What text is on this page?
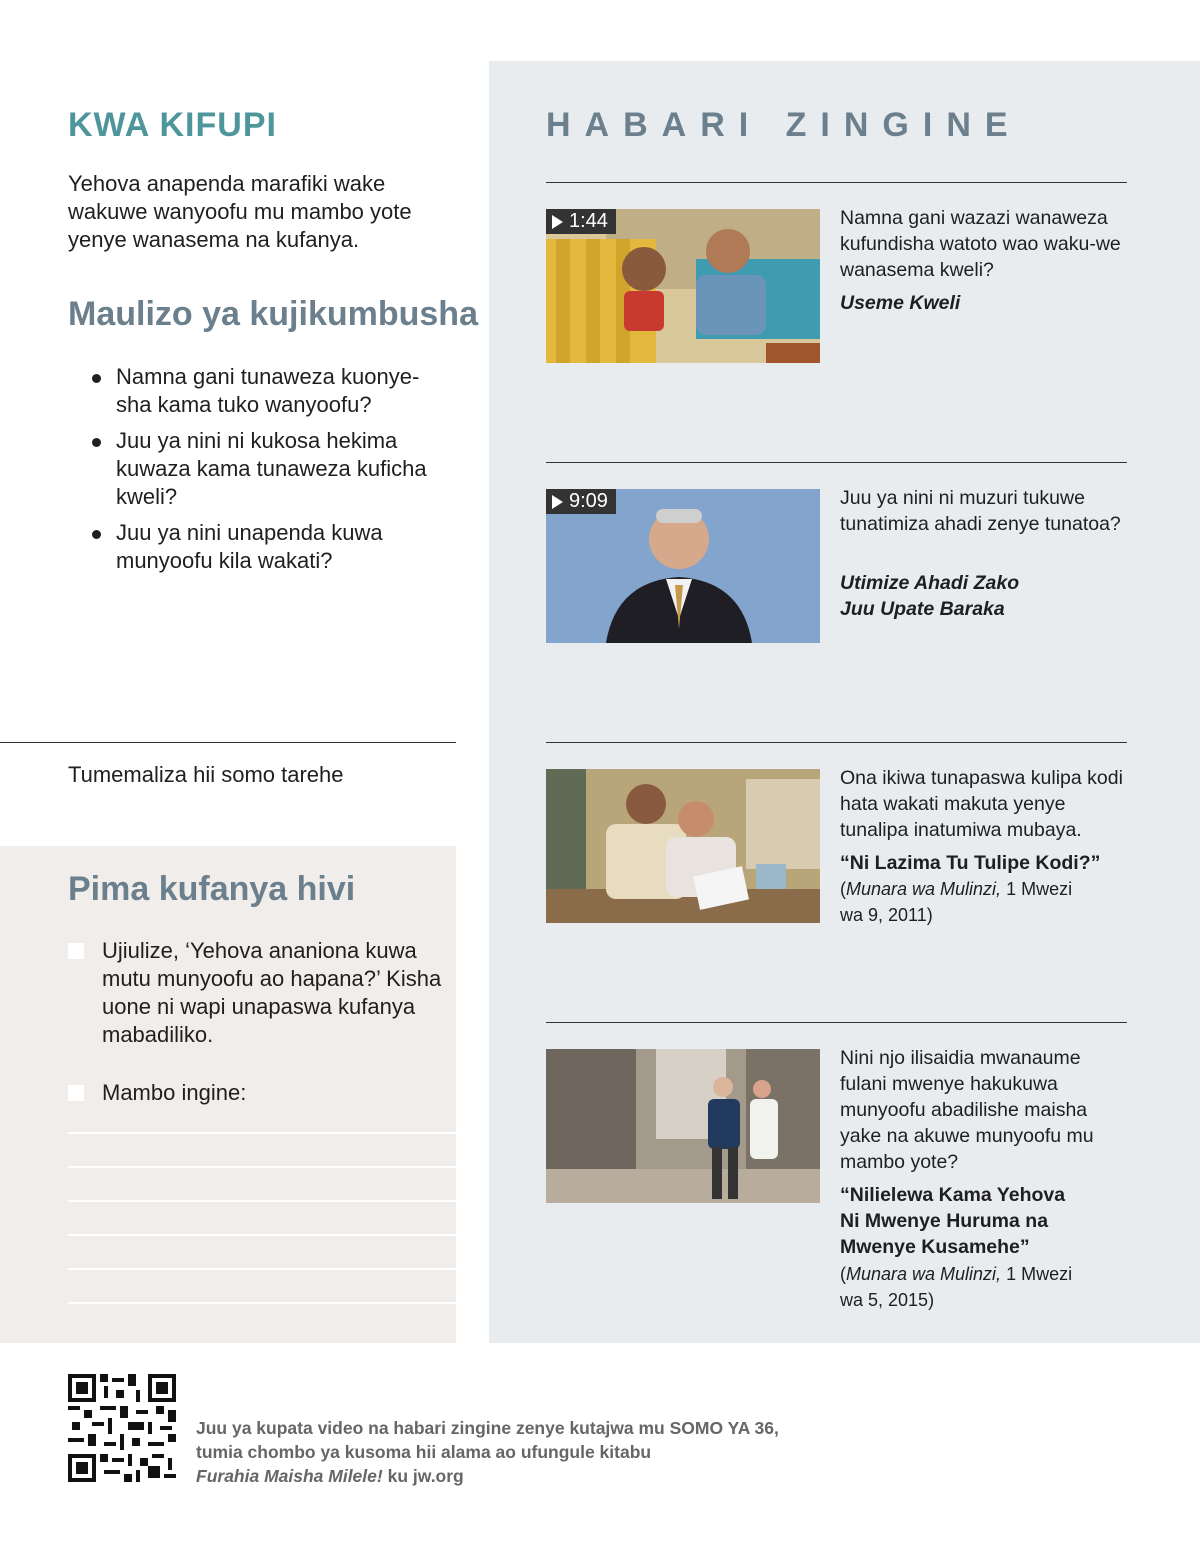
KWA KIFUPI

Yehova anapenda marafiki wake wakuwe wanyoofu mu mambo yote yenye wanasema na kufanya.

Maulizo ya kujikumbusha
Namna gani tunaweza kuonye-sha kama tuko wanyoofu?
Juu ya nini ni kukosa hekima kuwaza kama tunaweza kuficha kweli?
Juu ya nini unapenda kuwa munyoofu kila wakati?
Tumemaliza hii somo tarehe
Pima kufanya hivi
Ujiulize, ‘Yehova ananiona kuwa mutu munyoofu ao hapana?’ Kisha uone ni wapi unapaswa kufanya mabadiliko.
Mambo ingine:
HABARI ZINGINE
1:44	Namna gani wazazi wanaweza kufundisha watoto wao waku-we wanasema kweli?
Useme Kweli
9:09	Juu ya nini ni muzuri tukuwe tunatimiza ahadi zenye tunatoa?
Utimize Ahadi Zako
Juu Upate Baraka
Ona ikiwa tunapaswa kulipa kodi hata wakati makuta yenye tunalipa inatumiwa mubaya.
“Ni Lazima Tu Tulipe Kodi?”
(Munara wa Mulinzi, 1 Mwezi
wa 9, 2011)
Nini njo ilisaidia mwanaume fulani mwenye hakukuwa munyoofu abadilishe maisha yake na akuwe munyoofu mu mambo yote?
“Nilielewa Kama Yehova
Ni Mwenye Huruma na
Mwenye Kusamehe”
(Munara wa Mulinzi, 1 Mwezi
wa 5, 2015)
Juu ya kupata video na habari zingine zenye kutajwa mu SOMO YA 36,
tumia chombo ya kusoma hii alama ao ufungule kitabu
Furahia Maisha Milele! ku jw.org
